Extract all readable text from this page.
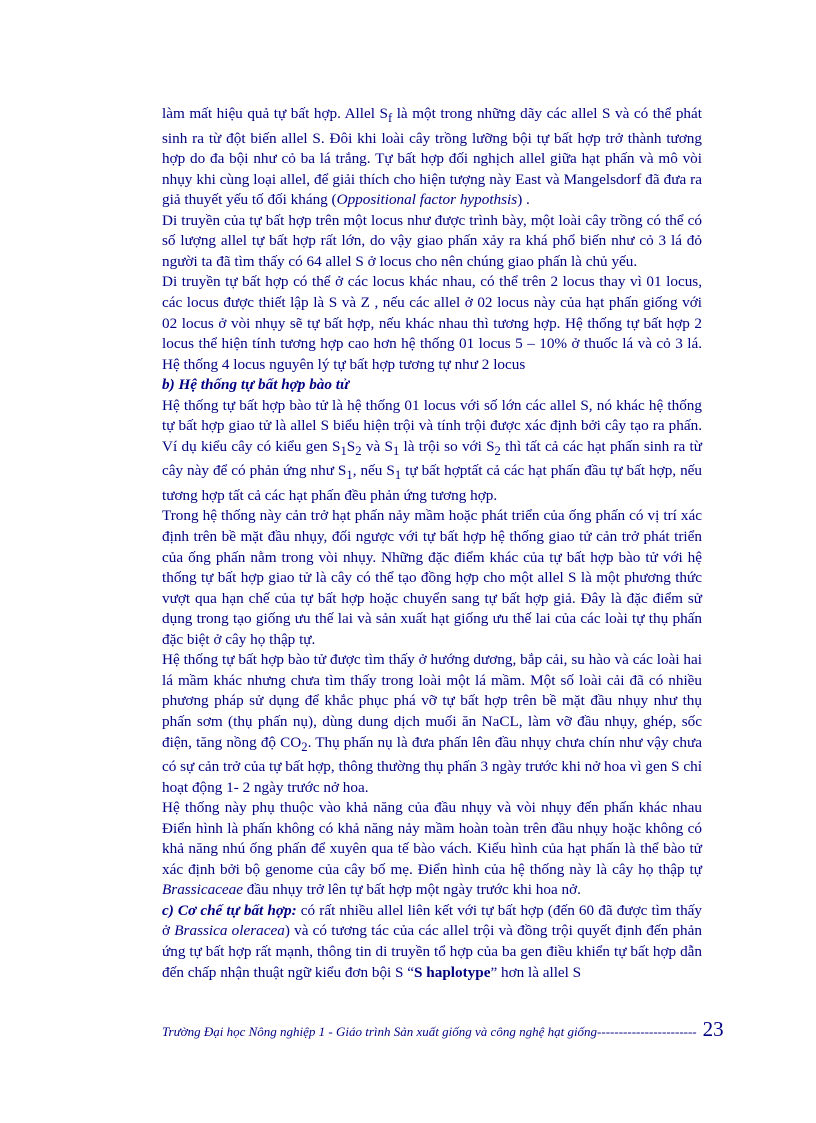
làm mất hiệu quả tự bất hợp. Allel $S_f$ là một trong những dãy các allel S và có thể phát sinh ra từ đột biến allel S. Đôi khi loài cây trồng lưỡng bội tự bất hợp trở thành tương hợp do đa bội như cỏ ba lá trắng. Tự bất hợp đối nghịch allel giữa hạt phấn và mô vòi nhụy khi cùng loại allel, để giải thích cho hiện tượng này East và Mangelsdorf đã đưa ra giả thuyết yếu tố đối kháng (Oppositional factor hypothsis) .

Di truyền của tự bất hợp trên một locus như được trình bày, một loài cây trồng có thể có số lượng allel tự bất hợp rất lớn, do vậy giao phấn xảy ra khá phổ biến như cỏ 3 lá đỏ người ta đã tìm thấy có 64 allel S ở locus cho nên chúng giao phấn là chủ yếu.

Di truyền tự bất hợp có thể ở các locus khác nhau, có thể trên 2 locus thay vì 01 locus, các locus được thiết lập là S và Z , nếu các allel ở 02 locus này của hạt phấn giống với 02 locus ở vòi nhụy sẽ tự bất hợp, nếu khác nhau thì tương hợp. Hệ thống tự bất hợp 2 locus thể hiện tính tương hợp cao hơn hệ thống 01 locus 5 – 10% ở thuốc lá và cỏ 3 lá. Hệ thống 4 locus nguyên lý tự bất hợp tương tự như 2 locus

b) Hệ thống tự bất hợp bào tử

Hệ thống tự bất hợp bào tử là hệ thống 01 locus với số lớn các allel S, nó khác hệ thống tự bất hợp giao tử là allel S biểu hiện trội và tính trội được xác định bởi cây tạo ra phấn. Ví dụ kiểu cây có kiểu gen $S_1S_2$ và $S_1$ là trội so với $S_2$ thì tất cả các hạt phấn sinh ra từ cây này để có phản ứng như $S_1$, nếu $S_1$ tự bất hợptất cả các hạt phấn đầu tự bất hợp, nếu tương hợp tất cả các hạt phấn đều phản ứng tương hợp.

Trong hệ thống này cản trở hạt phấn nảy mầm hoặc phát triển của ống phấn có vị trí xác định trên bề mặt đầu nhụy, đối ngược với tự bất hợp hệ thống giao tử cản trở phát triển của ống phấn nằm trong vòi nhụy. Những đặc điểm khác của tự bất hợp bào tử với hệ thống tự bất hợp giao tử là cây có thể tạo đồng hợp cho một allel S là một phương thức vượt qua hạn chế của tự bất hợp hoặc chuyển sang tự bất hợp giả. Đây là đặc điểm sử dụng trong tạo giống ưu thế lai và sản xuất hạt giống ưu thế lai của các loài tự thụ phấn đặc biệt ở cây họ thập tự.

Hệ thống tự bất hợp bào tử được tìm thấy ở hướng dương, bắp cải, su hào và các loài hai lá mầm khác nhưng chưa tìm thấy trong loài một lá mầm. Một số loài cải đã có nhiều phương pháp sử dụng để khắc phục phá vỡ tự bất hợp trên bề mặt đầu nhụy như thụ phấn sơm (thụ phấn nụ), dùng dung dịch muối ăn NaCL, làm vỡ đầu nhụy, ghép, sốc điện, tăng nồng độ $CO_2$. Thụ phấn nụ là đưa phấn lên đầu nhụy chưa chín như vậy chưa có sự cản trở của tự bất hợp, thông thường thụ phấn 3 ngày trước khi nở hoa vì gen S chỉ hoạt động 1- 2 ngày trước nở hoa.

Hệ thống này phụ thuộc vào khả năng của đầu nhụy và vòi nhụy đến phấn khác nhau Điển hình là phấn không có khả năng nảy mầm hoàn toàn trên đầu nhụy hoặc không có khả năng nhú ống phấn để xuyên qua tế bào vách. Kiểu hình của hạt phấn là thể bào tử xác định bởi bộ genome của cây bố mẹ. Điển hình của hệ thống này là cây họ thập tự Brassicaceae đầu nhụy trở lên tự bất hợp một ngày trước khi hoa nở.

c) Cơ chế tự bất hợp: có rất nhiều allel liên kết với tự bất hợp (đến 60 đã được tìm thấy ở Brassica oleracea) và có tương tác của các allel trội và đồng trội quyết định đến phản ứng tự bất hợp rất mạnh, thông tin di truyền tổ hợp của ba gen điều khiển tự bất hợp dẫn đến chấp nhận thuật ngữ kiểu đơn bội S “S haplotype” hơn là allel S

Trường Đại học Nông nghiệp 1 - Giáo trình Sản xuất giống và công nghệ hạt giống----------------------- 23
